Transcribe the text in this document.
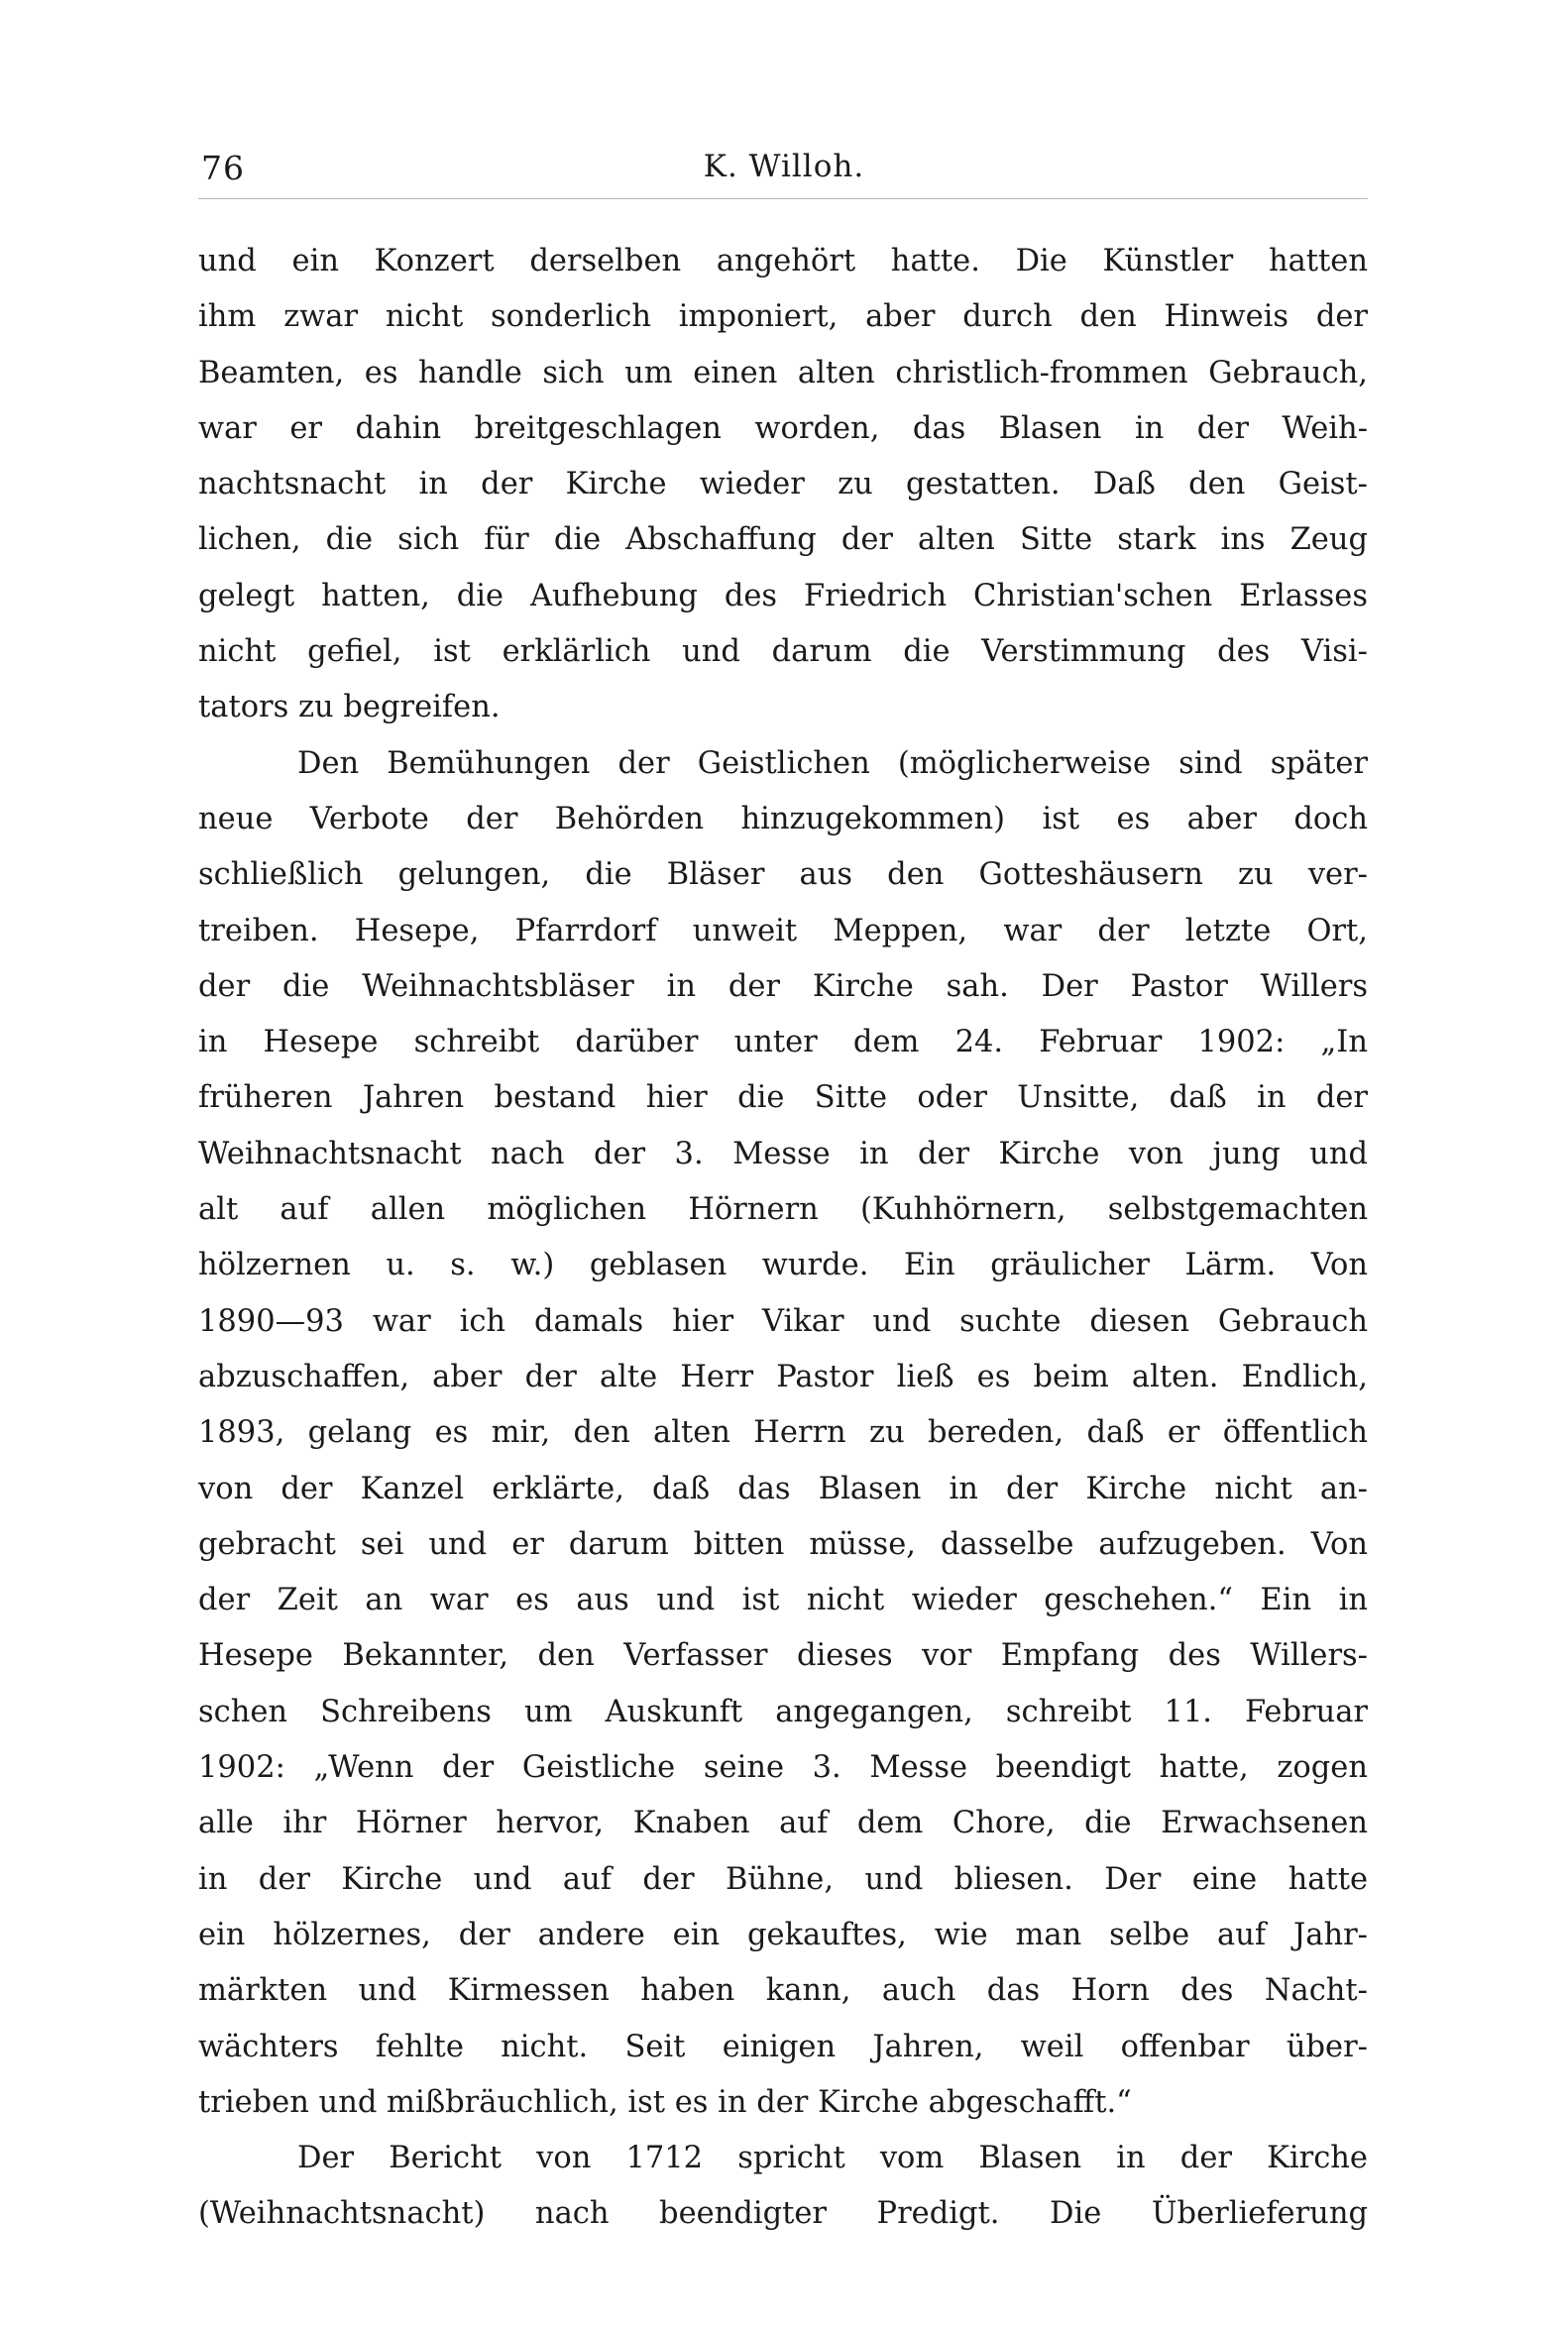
76	K. Willoh.
und ein Konzert derselben angehört hatte. Die Künstler hatten
ihm zwar nicht sonderlich imponiert, aber durch den Hinweis der
Beamten, es handle sich um einen alten christlich-frommen Gebrauch,
war er dahin breitgeschlagen worden, das Blasen in der Weih-
nachtsnacht in der Kirche wieder zu gestatten. Daß den Geist-
lichen, die sich für die Abschaffung der alten Sitte stark ins Zeug
gelegt hatten, die Aufhebung des Friedrich Christian'schen Erlasses
nicht gefiel, ist erklärlich und darum die Verstimmung des Visi-
tators zu begreifen.
Den Bemühungen der Geistlichen (möglicherweise sind später
neue Verbote der Behörden hinzugekommen) ist es aber doch
schließlich gelungen, die Bläser aus den Gotteshäusern zu ver-
treiben. Hesepe, Pfarrdorf unweit Meppen, war der letzte Ort,
der die Weihnachtsbläser in der Kirche sah. Der Pastor Willers
in Hesepe schreibt darüber unter dem 24. Februar 1902: „In
früheren Jahren bestand hier die Sitte oder Unsitte, daß in der
Weihnachtsnacht nach der 3. Messe in der Kirche von jung und
alt auf allen möglichen Hörnern (Kuhhörnern, selbstgemachten
hölzernen u. s. w.) geblasen wurde. Ein gräulicher Lärm. Von
1890—93 war ich damals hier Vikar und suchte diesen Gebrauch
abzuschaffen, aber der alte Herr Pastor ließ es beim alten. Endlich,
1893, gelang es mir, den alten Herrn zu bereden, daß er öffentlich
von der Kanzel erklärte, daß das Blasen in der Kirche nicht an-
gebracht sei und er darum bitten müsse, dasselbe aufzugeben. Von
der Zeit an war es aus und ist nicht wieder geschehen.“ Ein in
Hesepe Bekannter, den Verfasser dieses vor Empfang des Willers-
schen Schreibens um Auskunft angegangen, schreibt 11. Februar
1902: „Wenn der Geistliche seine 3. Messe beendigt hatte, zogen
alle ihr Hörner hervor, Knaben auf dem Chore, die Erwachsenen
in der Kirche und auf der Bühne, und bliesen. Der eine hatte
ein hölzernes, der andere ein gekauftes, wie man selbe auf Jahr-
märkten und Kirmessen haben kann, auch das Horn des Nacht-
wächters fehlte nicht. Seit einigen Jahren, weil offenbar über-
trieben und mißbräuchlich, ist es in der Kirche abgeschafft.“
Der Bericht von 1712 spricht vom Blasen in der Kirche
(Weihnachtsnacht) nach beendigter Predigt. Die Überlieferung
